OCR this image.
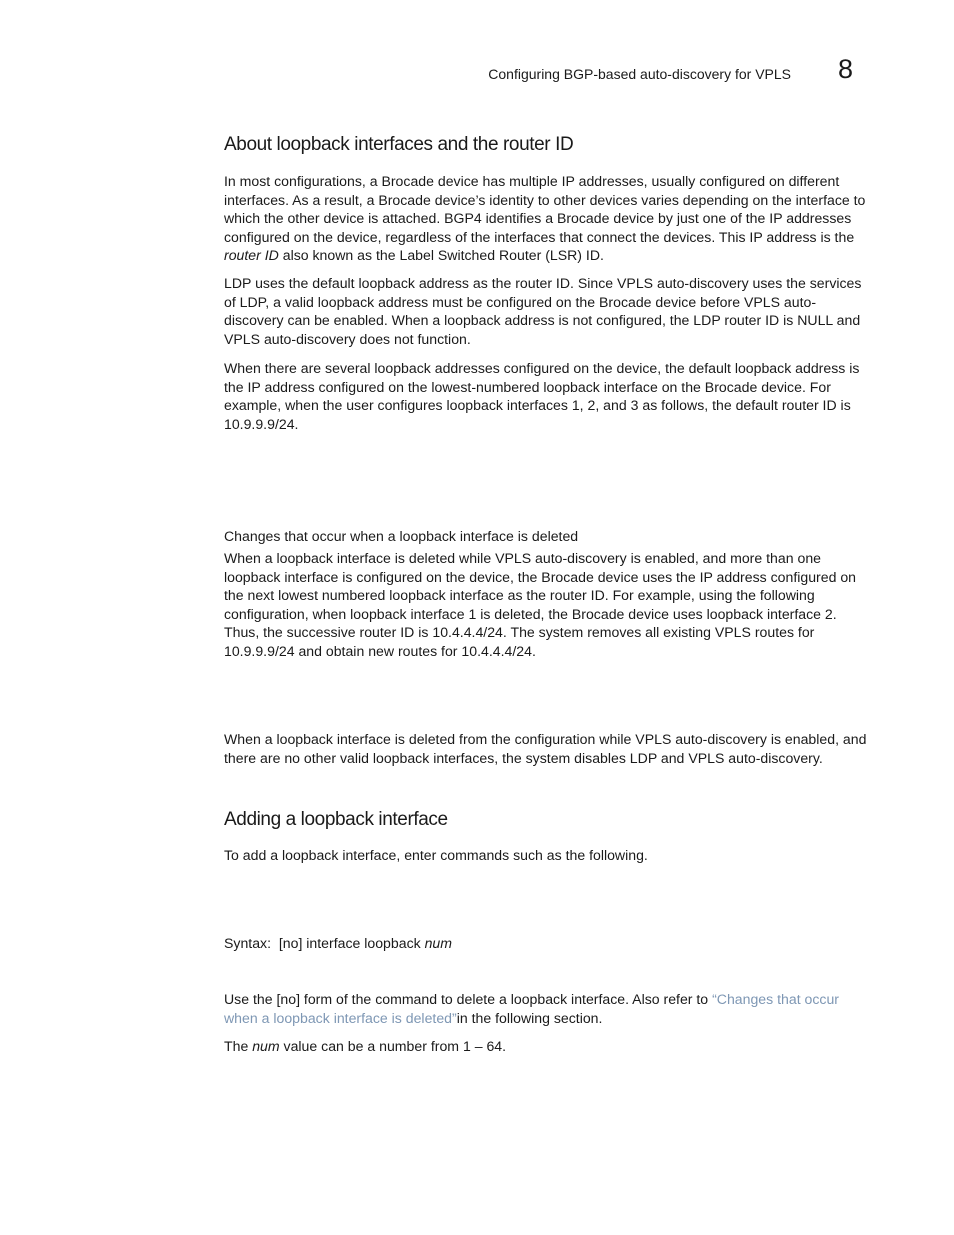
Configuring BGP-based auto-discovery for VPLS 8
About loopback interfaces and the router ID

In most configurations, a Brocade device has multiple IP addresses, usually configured on different interfaces. As a result, a Brocade device’s identity to other devices varies depending on the interface to which the other device is attached. BGP4 identifies a Brocade device by just one of the IP addresses configured on the device, regardless of the interfaces that connect the devices. This IP address is the router ID also known as the Label Switched Router (LSR) ID.

LDP uses the default loopback address as the router ID. Since VPLS auto-discovery uses the services of LDP, a valid loopback address must be configured on the Brocade device before VPLS auto-discovery can be enabled. When a loopback address is not configured, the LDP router ID is NULL and VPLS auto-discovery does not function.

When there are several loopback addresses configured on the device, the default loopback address is the IP address configured on the lowest-numbered loopback interface on the Brocade device. For example, when the user configures loopback interfaces 1, 2, and 3 as follows, the default router ID is 10.9.9.9/24.

Changes that occur when a loopback interface is deleted

When a loopback interface is deleted while VPLS auto-discovery is enabled, and more than one loopback interface is configured on the device, the Brocade device uses the IP address configured on the next lowest numbered loopback interface as the router ID. For example, using the following configuration, when loopback interface 1 is deleted, the Brocade device uses loopback interface 2. Thus, the successive router ID is 10.4.4.4/24. The system removes all existing VPLS routes for 10.9.9.9/24 and obtain new routes for 10.4.4.4/24.

When a loopback interface is deleted from the configuration while VPLS auto-discovery is enabled, and there are no other valid loopback interfaces, the system disables LDP and VPLS auto-discovery.

Adding a loopback interface

To add a loopback interface, enter commands such as the following.

Syntax: [no] interface loopback num

Use the [no] form of the command to delete a loopback interface. Also refer to “Changes that occur when a loopback interface is deleted”in the following section.

The num value can be a number from 1 – 64.
